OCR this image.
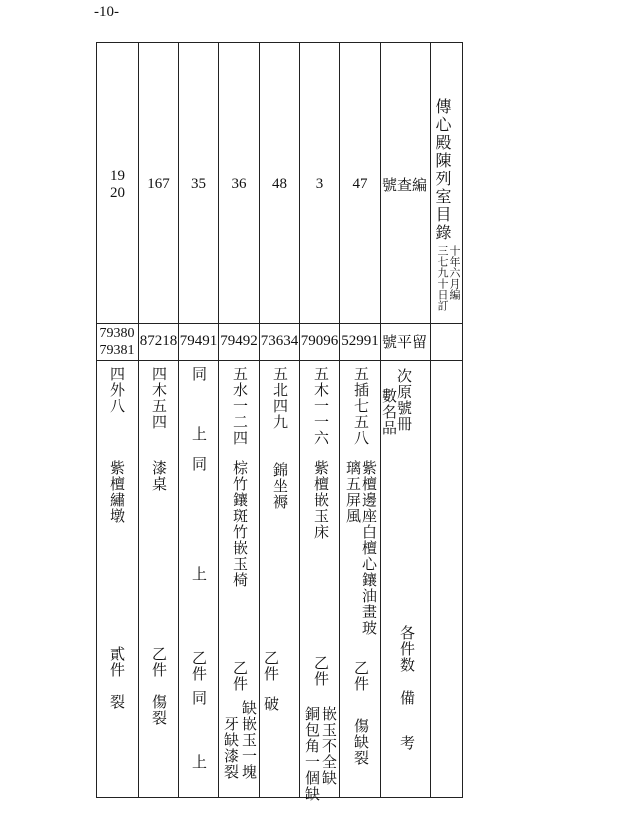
-10-
傳心殿陳列室目錄
十年六月編
三七九十日訂
號查編
號平留
次原號冊
數名品
各件数
備考
47
52991
五插七五八
紫檀邊座白檀心鑲油畫玻
璃五屏風
乙件
傷缺裂
3
79096
五木一一六
紫檀嵌玉床
乙件
嵌玉不全缺
銅包角一個缺
48
73634
五北四九
錦坐褥
乙件
破
36
79492
五水一二四
棕竹鑲斑竹嵌玉椅
乙件
缺嵌玉一塊
牙缺漆裂
35
79491
同
上
同
上
乙件
同
上
167
87218
四木五四
漆桌
乙件
傷裂
19
20
79380
79381
四外八
紫檀繡墩
貳件
裂
